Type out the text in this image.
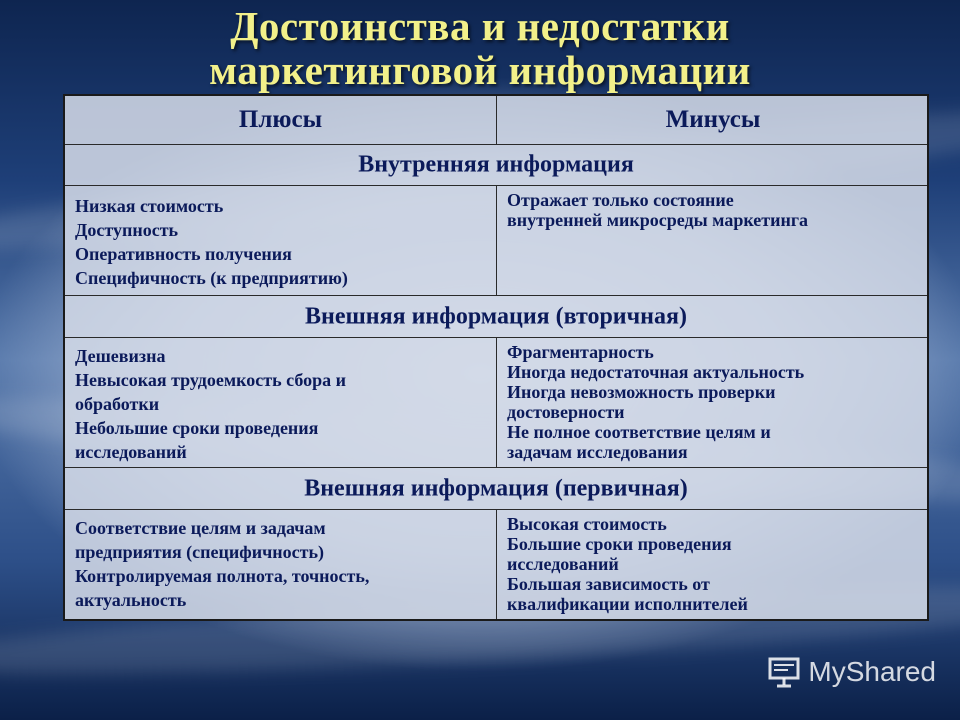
Достоинства и недостатки
маркетинговой информации
Плюсы	Минусы
Внутренняя информация
Низкая стоимость
Доступность
Оперативность получения
Специфичность (к предприятию)
Отражает только состояние
внутренней микросреды маркетинга
Внешняя информация (вторичная)
Дешевизна
Невысокая трудоемкость сбора и
обработки
Небольшие сроки проведения
исследований
Фрагментарность
Иногда недостаточная актуальность
Иногда невозможность проверки
достоверности
Не полное соответствие целям и
задачам исследования
Внешняя информация (первичная)
Соответствие целям и задачам
предприятия (специфичность)
Контролируемая полнота, точность,
актуальность
Высокая стоимость
Большие сроки проведения
исследований
Большая зависимость от
квалификации исполнителей
MyShared
